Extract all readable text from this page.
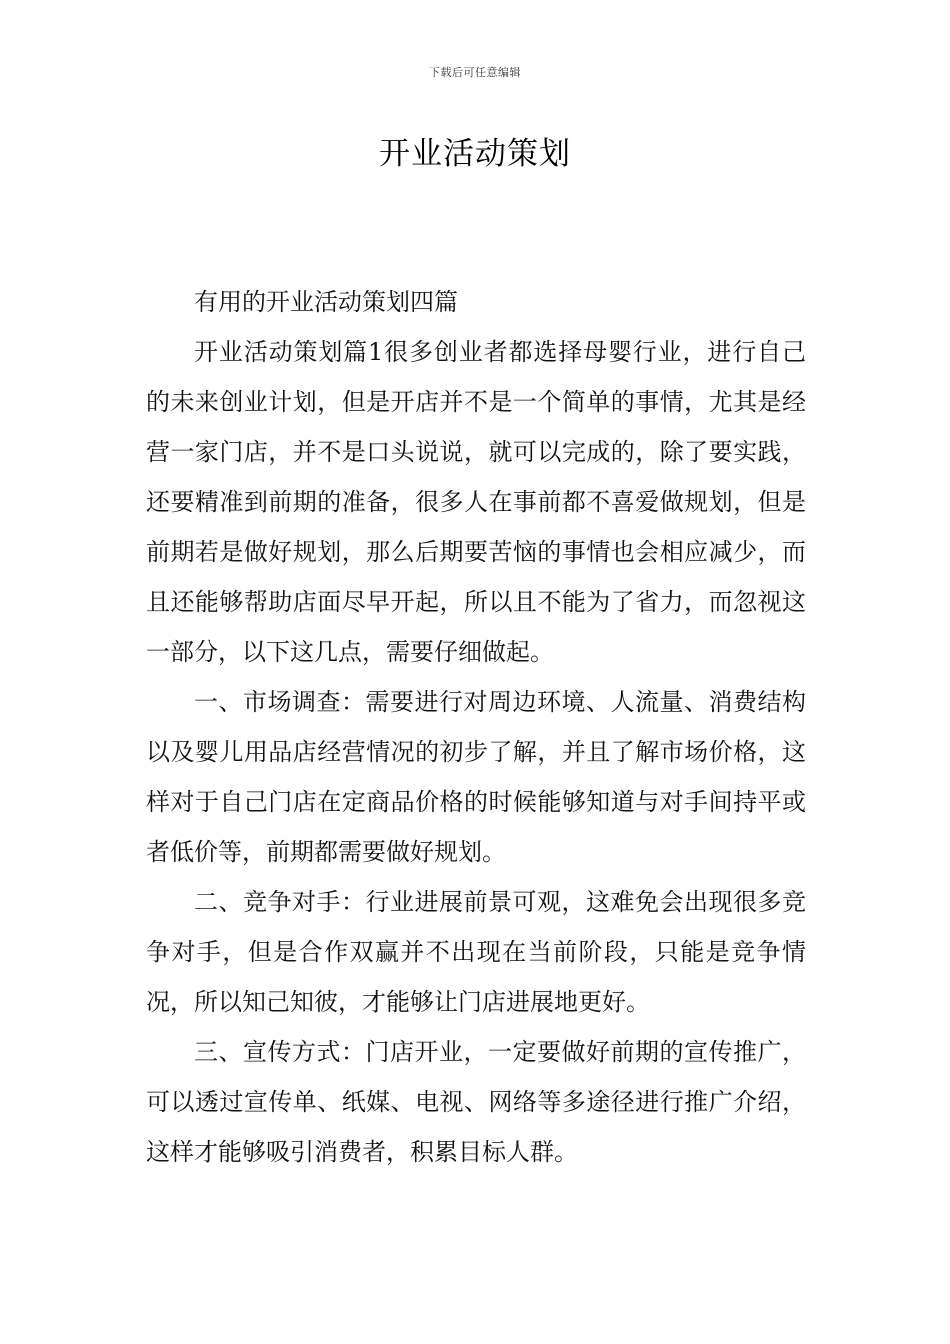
下载后可任意编辑
开业活动策划

有用的开业活动策划四篇

开业活动策划篇1很多创业者都选择母婴行业，进行自己的未来创业计划，但是开店并不是一个简单的事情，尤其是经营一家门店，并不是口头说说，就可以完成的，除了要实践，还要精准到前期的准备，很多人在事前都不喜爱做规划，但是前期若是做好规划，那么后期要苦恼的事情也会相应减少，而且还能够帮助店面尽早开起，所以且不能为了省力，而忽视这一部分，以下这几点，需要仔细做起。

一、市场调查：需要进行对周边环境、人流量、消费结构以及婴儿用品店经营情况的初步了解，并且了解市场价格，这样对于自己门店在定商品价格的时候能够知道与对手间持平或者低价等，前期都需要做好规划。

二、竞争对手：行业进展前景可观，这难免会出现很多竞争对手，但是合作双赢并不出现在当前阶段，只能是竞争情况，所以知己知彼，才能够让门店进展地更好。

三、宣传方式：门店开业，一定要做好前期的宣传推广，可以透过宣传单、纸媒、电视、网络等多途径进行推广介绍，这样才能够吸引消费者，积累目标人群。
